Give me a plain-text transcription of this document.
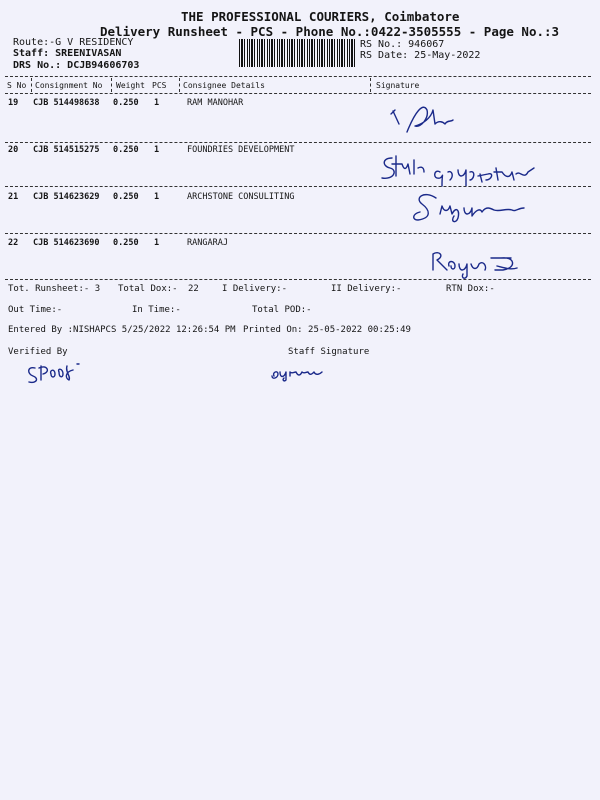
THE PROFESSIONAL COURIERS, Coimbatore
Delivery Runsheet - PCS - Phone No.:0422-3505555 - Page No.:3
Route:-G V RESIDENCY
Staff: SREENIVASAN
DRS No.: DCJB94606703
RS No.: 946067
RS Date: 25-May-2022
S No Consignment No Weight PCS Consignee Details	Signature
19 CJB 514498638 0.250 1	RAM MANOHAR
20 CJB 514515275 0.250 1	FOUNDRIES DEVELOPMENT
21 CJB 514623629 0.250 1	ARCHSTONE CONSULITING
22 CJB 514623690 0.250 1	RANGARAJ
Tot. Runsheet:- 3 Total Dox:- 22	I Delivery:-	II Delivery:-	RTN Dox:-
Out Time:-	In Time:-	Total POD:-
Entered By :NISHAPCS 5/25/2022 12:26:54 PM Printed On: 25-05-2022 00:25:49
Verified By	Staff Signature
